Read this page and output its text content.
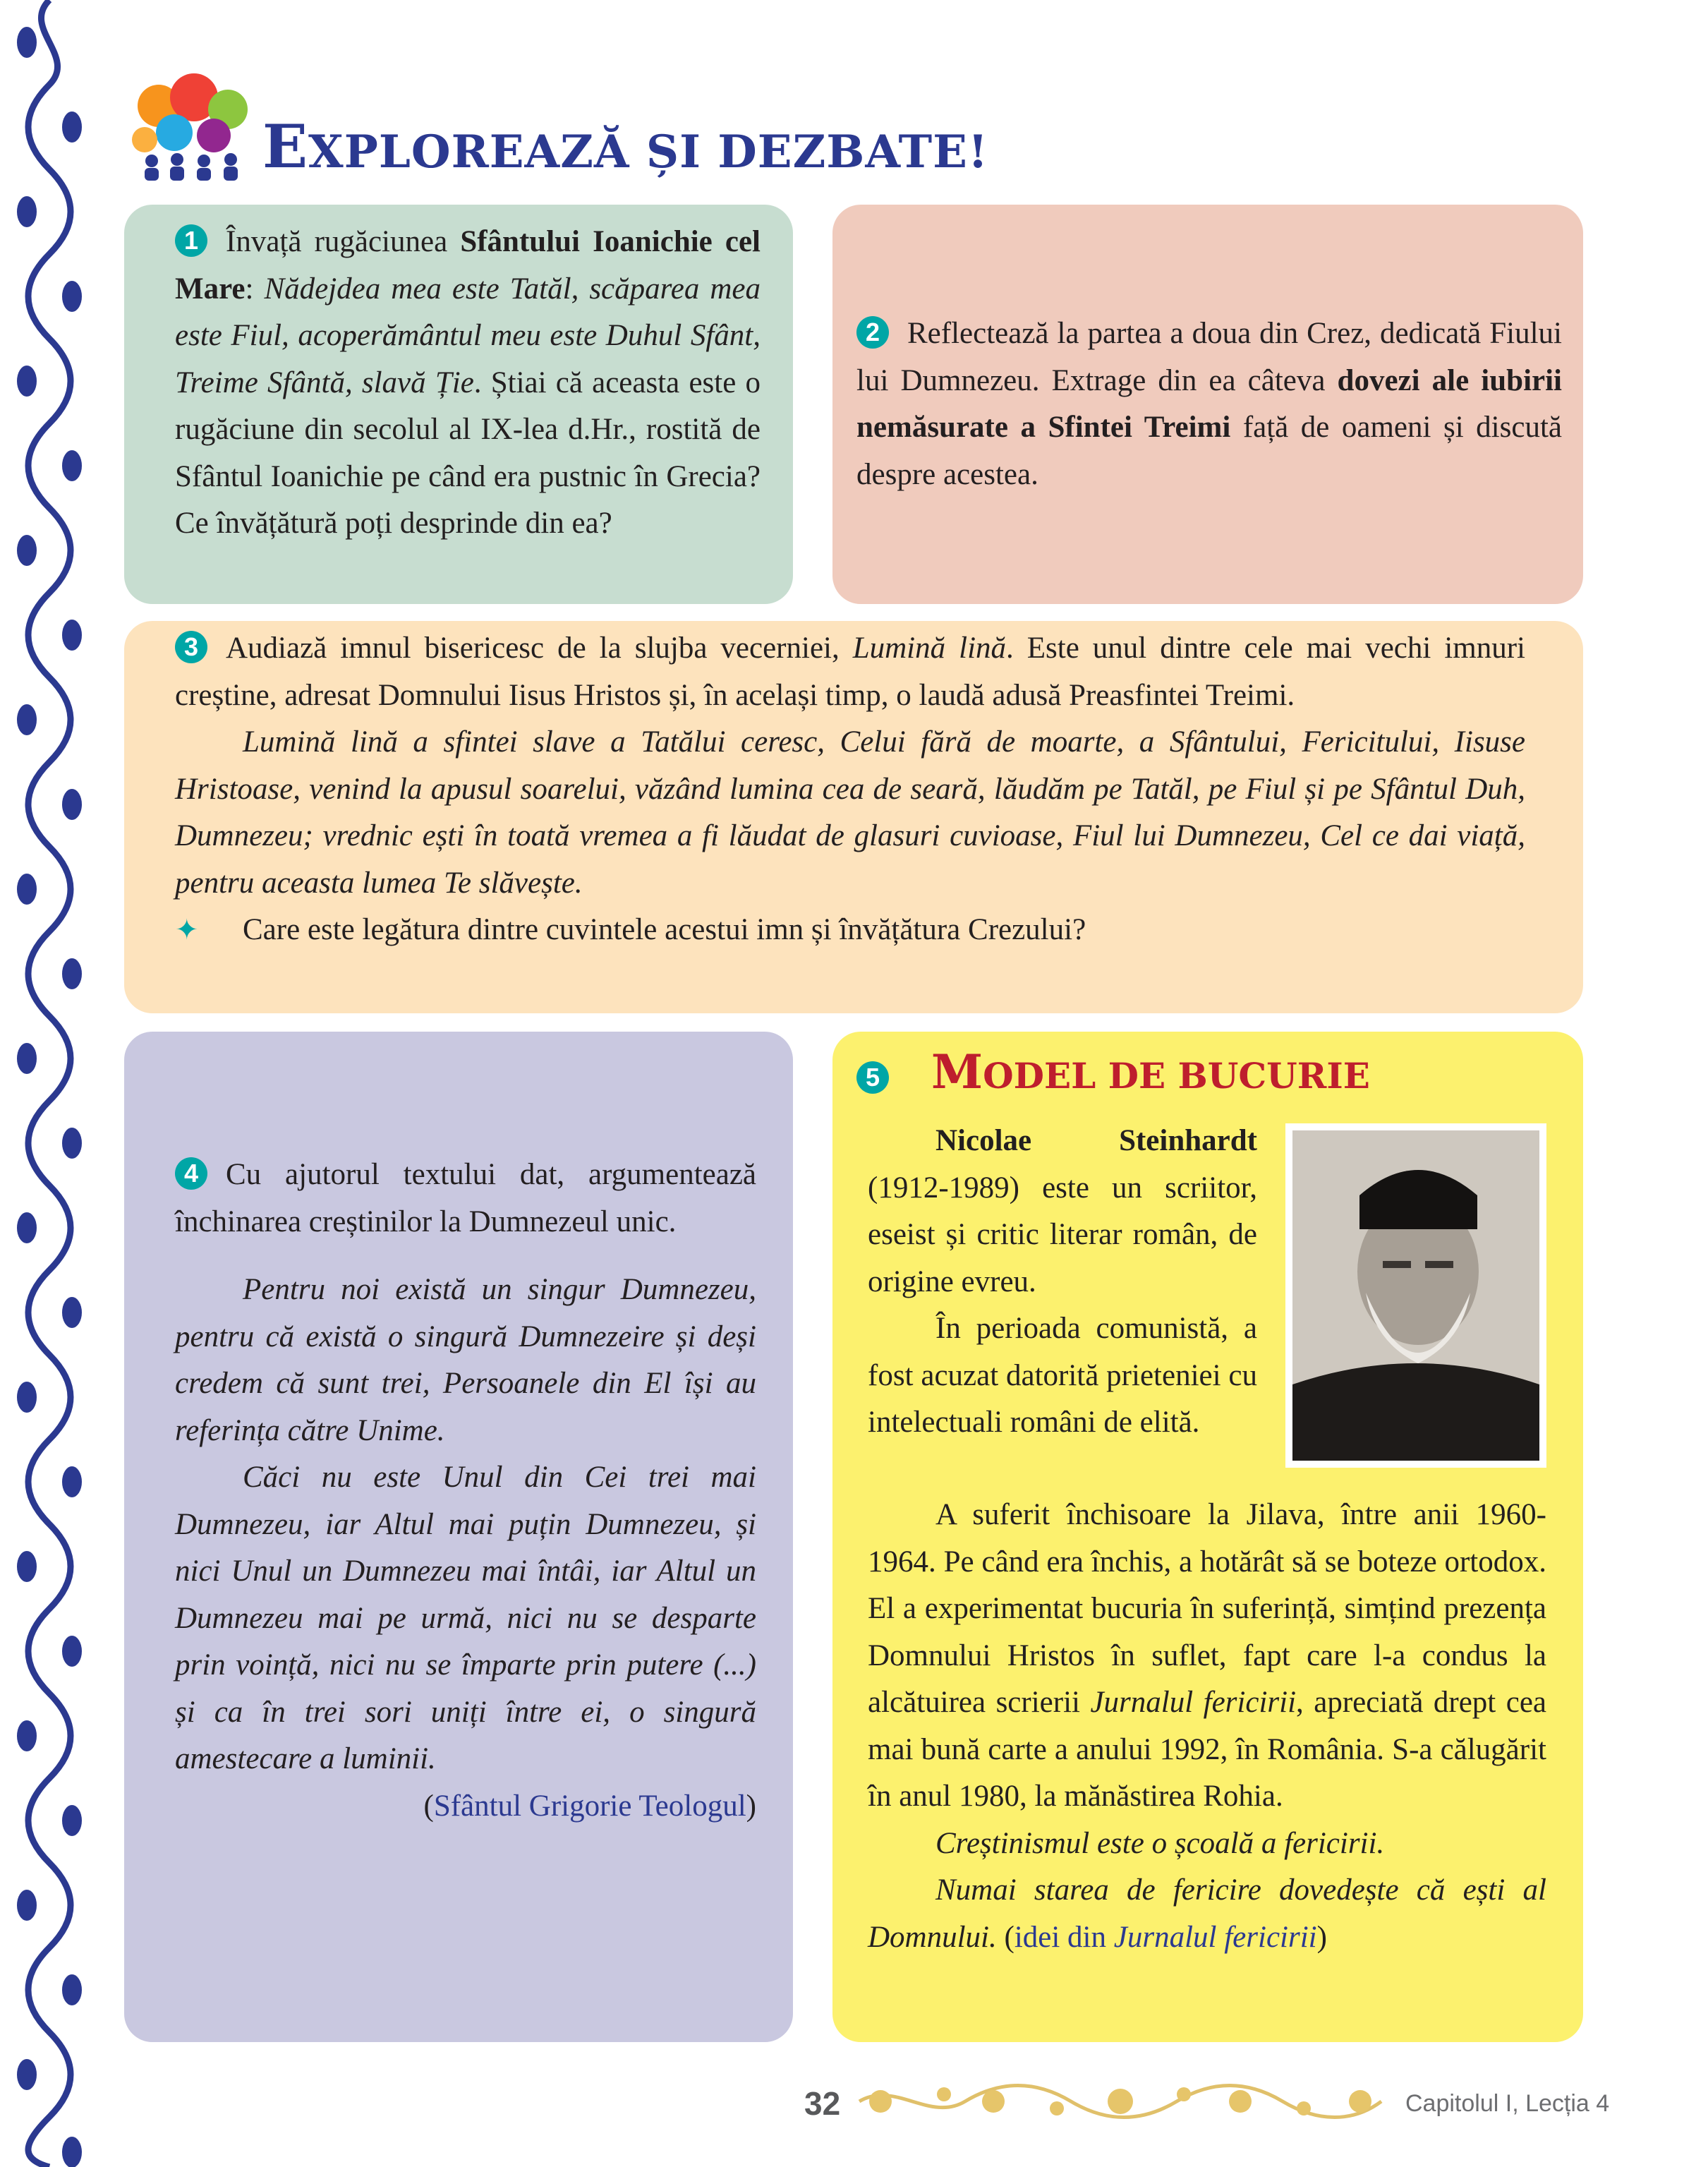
EXPLOREAZĂ ȘI DEZBATE!

1 Învață rugăciunea Sfântului Ioanichie cel Mare: Nădejdea mea este Tatăl, scăparea mea este Fiul, acoperământul meu este Duhul Sfânt, Treime Sfântă, slavă Ție. Știai că aceasta este o rugăciune din secolul al IX-lea d.Hr., rostită de Sfântul Ioanichie pe când era pustnic în Grecia? Ce învățătură poți desprinde din ea?

2 Reflectează la partea a doua din Crez, dedicată Fiului lui Dumnezeu. Extrage din ea câteva dovezi ale iubirii nemăsurate a Sfintei Treimi față de oameni și discută despre acestea.

3 Audiază imnul bisericesc de la slujba vecerniei, Lumină lină. Este unul dintre cele mai vechi imnuri creștine, adresat Domnului Iisus Hristos și, în același timp, o laudă adusă Preasfintei Treimi.

Lumină lină a sfintei slave a Tatălui ceresc, Celui fără de moarte, a Sfântului, Fericitului, Iisuse Hristoase, venind la apusul soarelui, văzând lumina cea de seară, lăudăm pe Tatăl, pe Fiul și pe Sfântul Duh, Dumnezeu; vrednic ești în toată vremea a fi lăudat de glasuri cuvioase, Fiul lui Dumnezeu, Cel ce dai viață, pentru aceasta lumea Te slăvește.

✦ Care este legătura dintre cuvintele acestui imn și învățătura Crezului?

4 Cu ajutorul textului dat, argumentează închinarea creștinilor la Dumnezeul unic.

Pentru noi există un singur Dumnezeu, pentru că există o singură Dumnezeire și deși credem că sunt trei, Persoanele din El își au referința către Unime.

Căci nu este Unul din Cei trei mai Dumnezeu, iar Altul mai puțin Dumnezeu, și nici Unul un Dumnezeu mai întâi, iar Altul un Dumnezeu mai pe urmă, nici nu se desparte prin voință, nici nu se împarte prin putere (...) și ca în trei sori uniți între ei, o singură amestecare a luminii.

(Sfântul Grigorie Teologul)

5	MODEL DE BUCURIE

Nicolae Steinhardt (1912-1989) este un scriitor, eseist și critic literar român, de origine evreu.

În perioada comunistă, a fost acuzat datorită prieteniei cu intelectuali români de elită.

A suferit închisoare la Jilava, între anii 1960-1964. Pe când era închis, a hotărât să se boteze ortodox. El a experimentat bucuria în suferință, simțind prezența Domnului Hristos în suflet, fapt care l-a condus la alcătuirea scrierii Jurnalul fericirii, apreciată drept cea mai bună carte a anului 1992, în România. S-a călugărit în anul 1980, la mănăstirea Rohia.

Creștinismul este o școală a fericirii.

Numai starea de fericire dovedește că ești al Domnului. (idei din Jurnalul fericirii)

32	Capitolul I, Lecția 4
